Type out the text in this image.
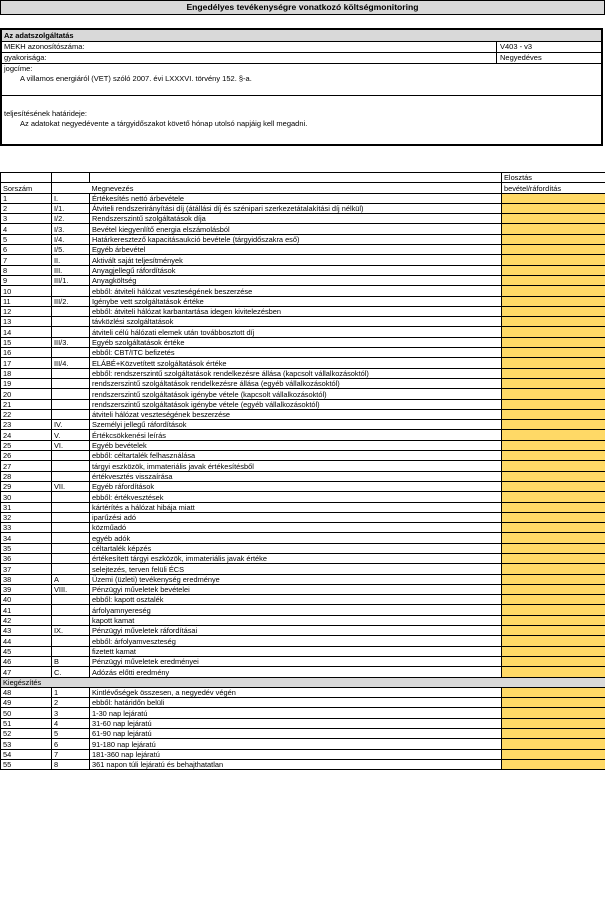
Engedélyes tevékenységre vonatkozó költségmonitoring
Az adatszolgáltatás
MEKH azonosítószáma:	V403 - v3
gyakorisága:	Negyedéves
jogcíme:
A villamos energiáról (VET) szóló 2007. évi LXXXVI. törvény 152. §-a.
teljesítésének határideje:
Az adatokat negyedévente a tárgyidőszakot követő hónap utolsó napjáig kell megadni.
			Elosztás
Sorszám		Megnevezés	bevétel/ráfordítás
1	I.	Értékesítés nettó árbevétele	
2	I/1.	Átviteli rendszerirányítási díj (átállási díj és szénipari szerkezetátalakítási díj nélkül)	
3	I/2.	Rendszerszintű szolgáltatások díja	
4	I/3.	Bevétel kiegyenlítő energia elszámolásból	
5	I/4.	Határkeresztező kapacitásaukció bevétele (tárgyidőszakra eső)	
6	I/5.	Egyéb árbevétel	
7	II.	Aktivált saját teljesítmények	
8	III.	Anyagjellegű ráfordítások	
9	III/1.	Anyagköltség	
10		ebből: átviteli hálózat veszteségének beszerzése	
11	III/2.	Igénybe vett szolgáltatások értéke	
12		ebből: átviteli hálózat karbantartása idegen kivitelezésben	
13		távközlési szolgáltatások	
14		átviteli célú hálózati elemek után továbbosztott díj	
15	III/3.	Egyéb szolgáltatások értéke	
16		ebből: CBT/ITC befizetés	
17	III/4.	ELÁBÉ+Közvetített szolgáltatások értéke	
18		ebből: rendszerszintű szolgáltatások rendelkezésre állása (kapcsolt vállalkozásoktól)	
19		rendszerszintű szolgáltatások rendelkezésre állása (egyéb vállalkozásoktól)	
20		rendszerszintű szolgáltatások igénybe vétele (kapcsolt vállalkozásoktól)	
21		rendszerszintű szolgáltatások igénybe vétele (egyéb vállalkozásoktól)	
22		átviteli hálózat veszteségének beszerzése	
23	IV.	Személyi jellegű ráfordítások	
24	V.	Értékcsökkenési leírás	
25	VI.	Egyéb bevételek	
26		ebből: céltartalék felhasználása	
27		tárgyi eszközök, immateriális javak értékesítésből	
28		értékvesztés visszaírása	
29	VII.	Egyéb ráfordítások	
30		ebből: értékvesztések	
31		kártérítés a hálózat hibája miatt	
32		iparűzési adó	
33		közműadó	
34		egyéb adók	
35		céltartalék képzés	
36		értékesített tárgyi eszközök, immateriális javak értéke	
37		selejtezés, terven felüli ÉCS	
38	A	Üzemi (üzleti) tevékenység eredménye	
39	VIII.	Pénzügyi műveletek bevételei	
40		ebből: kapott osztalék	
41		árfolyamnyereség	
42		kapott kamat	
43	IX.	Pénzügyi műveletek ráfordításai	
44		ebből: árfolyamveszteség	
45		fizetett kamat	
46	B	Pénzügyi műveletek eredményei	
47	C.	Adózás előtti eredmény	
Kiegészítés			
48	1	Kintlévőségek összesen, a negyedév végén	
49	2	ebből: határidőn belüli	
50	3	1-30 nap lejáratú	
51	4	31-60 nap lejáratú	
52	5	61-90 nap lejáratú	
53	6	91-180 nap lejáratú	
54	7	181-360 nap lejáratú	
55	8	361 napon túli lejáratú és behajthatatlan	
